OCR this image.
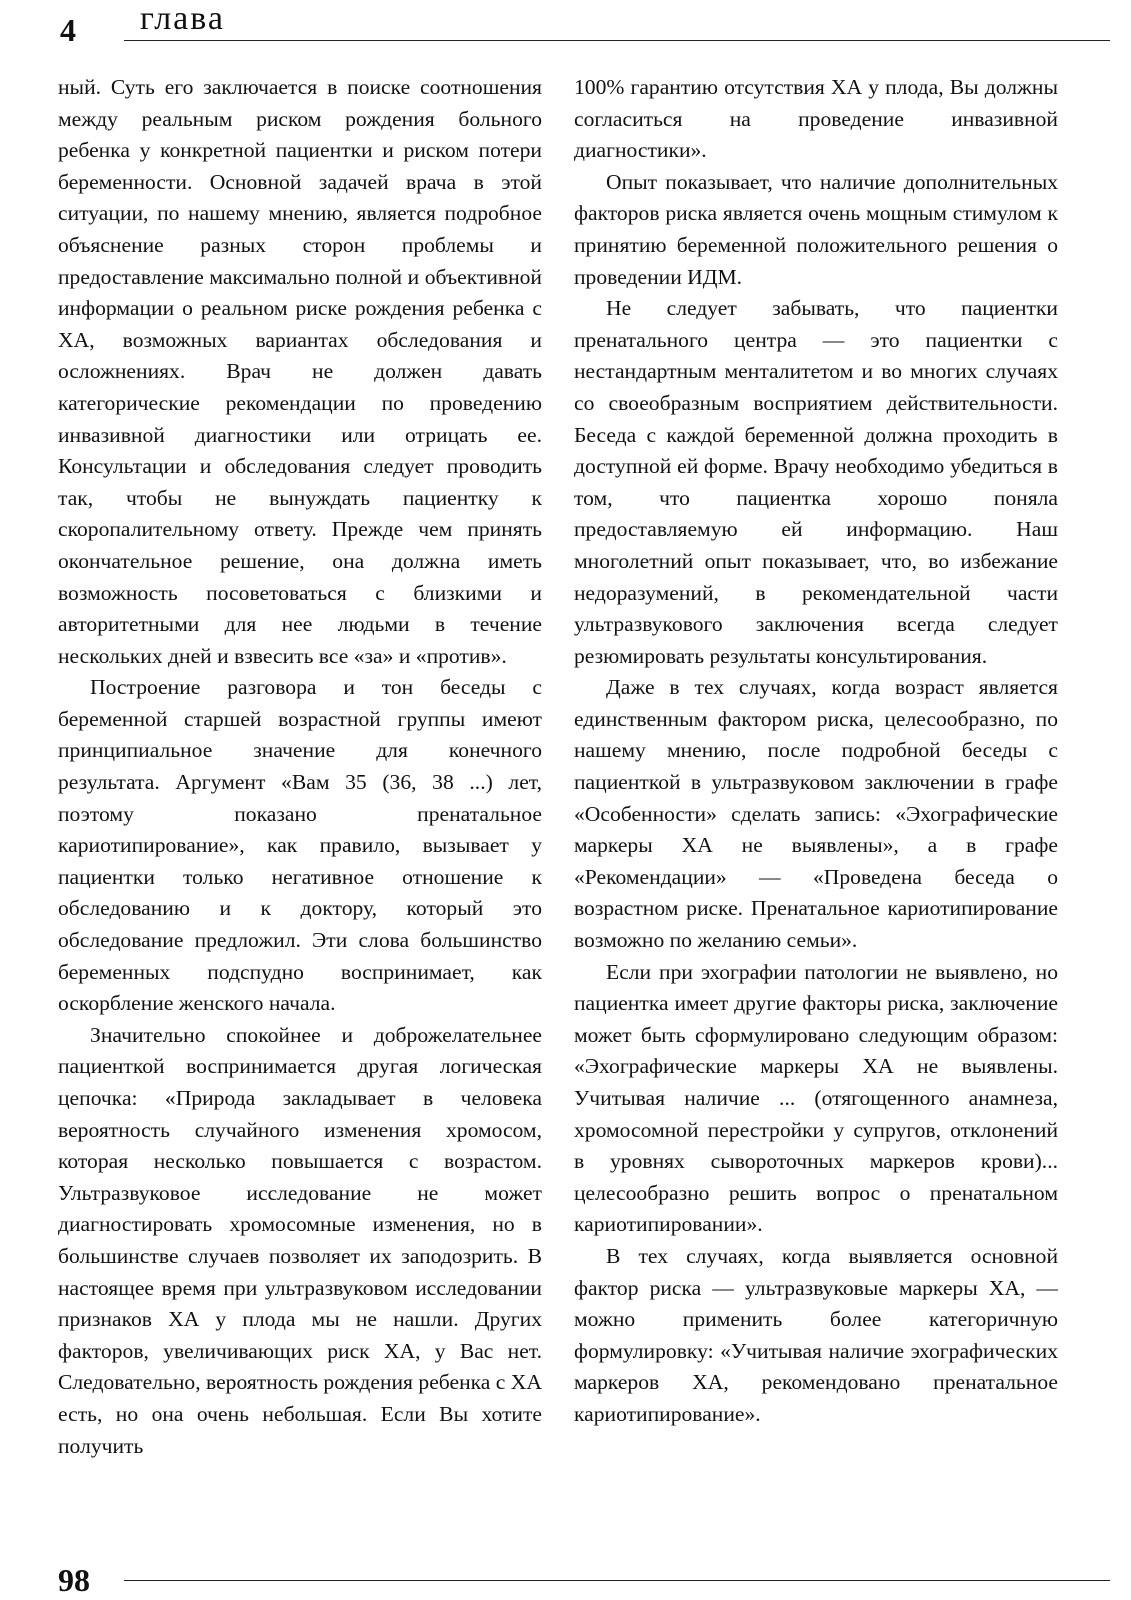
4 глава

ный. Суть его заключается в поиске соотношения между реальным риском рождения больного ребенка у конкретной пациентки и риском потери беременности. Основной задачей врача в этой ситуации, по нашему мнению, является подробное объяснение разных сторон проблемы и предоставление максимально полной и объективной информации о реальном риске рождения ребенка с ХА, возможных вариантах обследования и осложнениях. Врач не должен давать категорические рекомендации по проведению инвазивной диагностики или отрицать ее. Консультации и обследования следует проводить так, чтобы не вынуждать пациентку к скоропалительному ответу. Прежде чем принять окончательное решение, она должна иметь возможность посоветоваться с близкими и авторитетными для нее людьми в течение нескольких дней и взвесить все «за» и «против».

Построение разговора и тон беседы с беременной старшей возрастной группы имеют принципиальное значение для конечного результата. Аргумент «Вам 35 (36, 38 ...) лет, поэтому показано пренатальное кариотипирование», как правило, вызывает у пациентки только негативное отношение к обследованию и к доктору, который это обследование предложил. Эти слова большинство беременных подспудно воспринимает, как оскорбление женского начала.

Значительно спокойнее и доброжелательнее пациенткой воспринимается другая логическая цепочка: «Природа закладывает в человека вероятность случайного изменения хромосом, которая несколько повышается с возрастом. Ультразвуковое исследование не может диагностировать хромосомные изменения, но в большинстве случаев позволяет их заподозрить. В настоящее время при ультразвуковом исследовании признаков ХА у плода мы не нашли. Других факторов, увеличивающих риск ХА, у Вас нет. Следовательно, вероятность рождения ребенка с ХА есть, но она очень небольшая. Если Вы хотите получить

100% гарантию отсутствия ХА у плода, Вы должны согласиться на проведение инвазивной диагностики».

Опыт показывает, что наличие дополнительных факторов риска является очень мощным стимулом к принятию беременной положительного решения о проведении ИДМ.

Не следует забывать, что пациентки пренатального центра — это пациентки с нестандартным менталитетом и во многих случаях со своеобразным восприятием действительности. Беседа с каждой беременной должна проходить в доступной ей форме. Врачу необходимо убедиться в том, что пациентка хорошо поняла предоставляемую ей информацию. Наш многолетний опыт показывает, что, во избежание недоразумений, в рекомендательной части ультразвукового заключения всегда следует резюмировать результаты консультирования.

Даже в тех случаях, когда возраст является единственным фактором риска, целесообразно, по нашему мнению, после подробной беседы с пациенткой в ультразвуковом заключении в графе «Особенности» сделать запись: «Эхографические маркеры ХА не выявлены», а в графе «Рекомендации» — «Проведена беседа о возрастном риске. Пренатальное кариотипирование возможно по желанию семьи».

Если при эхографии патологии не выявлено, но пациентка имеет другие факторы риска, заключение может быть сформулировано следующим образом: «Эхографические маркеры ХА не выявлены. Учитывая наличие ... (отягощенного анамнеза, хромосомной перестройки у супругов, отклонений в уровнях сывороточных маркеров крови)... целесообразно решить вопрос о пренатальном кариотипировании».

В тех случаях, когда выявляется основной фактор риска — ультразвуковые маркеры ХА, — можно применить более категоричную формулировку: «Учитывая наличие эхографических маркеров ХА, рекомендовано пренатальное кариотипирование».

98
